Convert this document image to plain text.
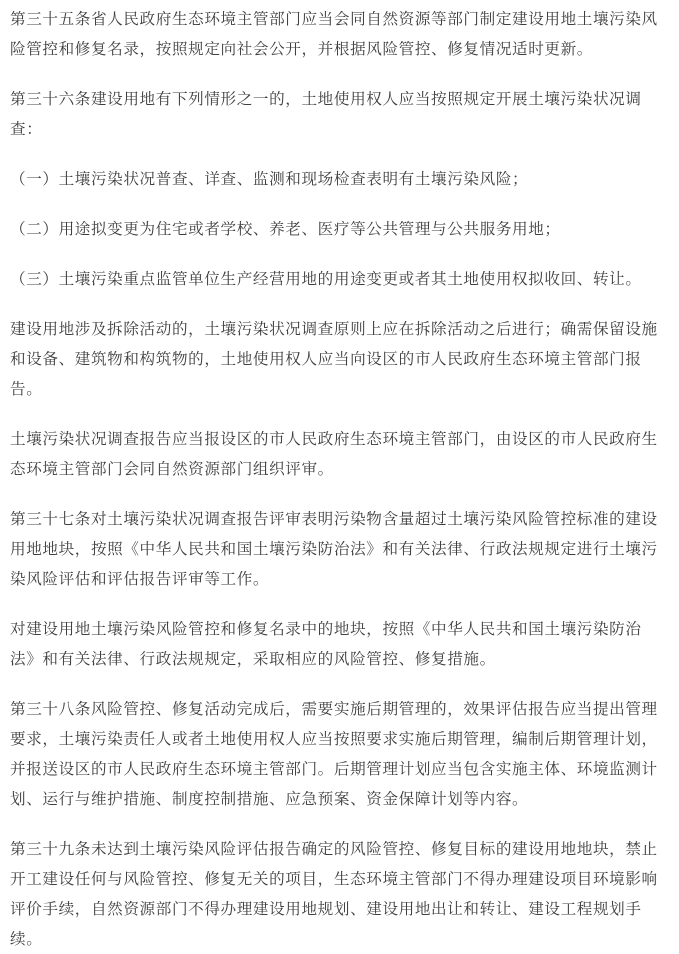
第三十五条省人民政府生态环境主管部门应当会同自然资源等部门制定建设用地土壤污染风
险管控和修复名录，按照规定向社会公开，并根据风险管控、修复情况适时更新。

第三十六条建设用地有下列情形之一的，土地使用权人应当按照规定开展土壤污染状况调
查：

（一）土壤污染状况普查、详查、监测和现场检查表明有土壤污染风险；

（二）用途拟变更为住宅或者学校、养老、医疗等公共管理与公共服务用地；

（三）土壤污染重点监管单位生产经营用地的用途变更或者其土地使用权拟收回、转让。

建设用地涉及拆除活动的，土壤污染状况调查原则上应在拆除活动之后进行；确需保留设施
和设备、建筑物和构筑物的，土地使用权人应当向设区的市人民政府生态环境主管部门报
告。

土壤污染状况调查报告应当报设区的市人民政府生态环境主管部门，由设区的市人民政府生
态环境主管部门会同自然资源部门组织评审。

第三十七条对土壤污染状况调查报告评审表明污染物含量超过土壤污染风险管控标准的建设
用地地块，按照《中华人民共和国土壤污染防治法》和有关法律、行政法规规定进行土壤污
染风险评估和评估报告评审等工作。

对建设用地土壤污染风险管控和修复名录中的地块，按照《中华人民共和国土壤污染防治
法》和有关法律、行政法规规定，采取相应的风险管控、修复措施。

第三十八条风险管控、修复活动完成后，需要实施后期管理的，效果评估报告应当提出管理
要求，土壤污染责任人或者土地使用权人应当按照要求实施后期管理，编制后期管理计划，
并报送设区的市人民政府生态环境主管部门。后期管理计划应当包含实施主体、环境监测计
划、运行与维护措施、制度控制措施、应急预案、资金保障计划等内容。

第三十九条未达到土壤污染风险评估报告确定的风险管控、修复目标的建设用地地块，禁止
开工建设任何与风险管控、修复无关的项目，生态环境主管部门不得办理建设项目环境影响
评价手续，自然资源部门不得办理建设用地规划、建设用地出让和转让、建设工程规划手
续。
